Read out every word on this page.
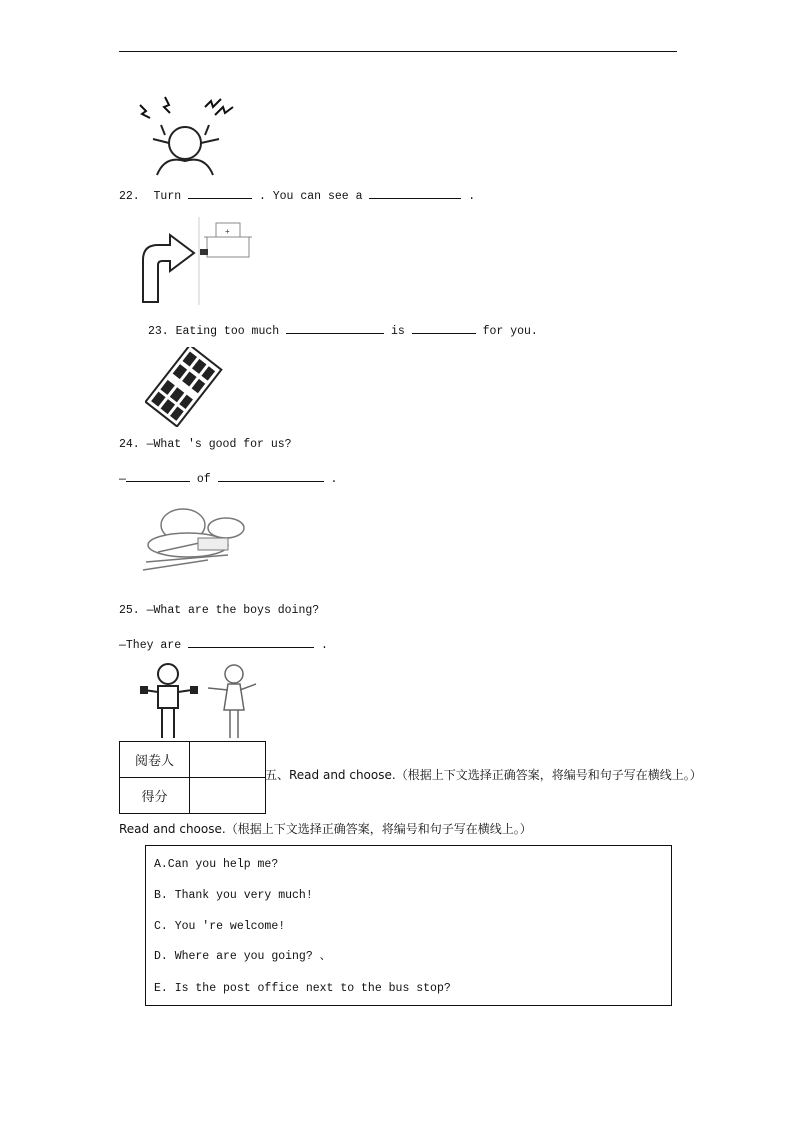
22. Turn	. You can see a	.
+
23. Eating too much	is	for you.
24. —What 's good for us?
—	of	.
25. —What are the boys doing?
—They are	.
阅卷人	
得分	
五、Read and choose.（根据上下文选择正确答案，将编号和句子写在横线上。）
Read and choose.（根据上下文选择正确答案，将编号和句子写在横线上。）
A.Can you help me?
B. Thank you very much!
C. You 're welcome!
D. Where are you going? 、
E. Is the post office next to the bus stop?
